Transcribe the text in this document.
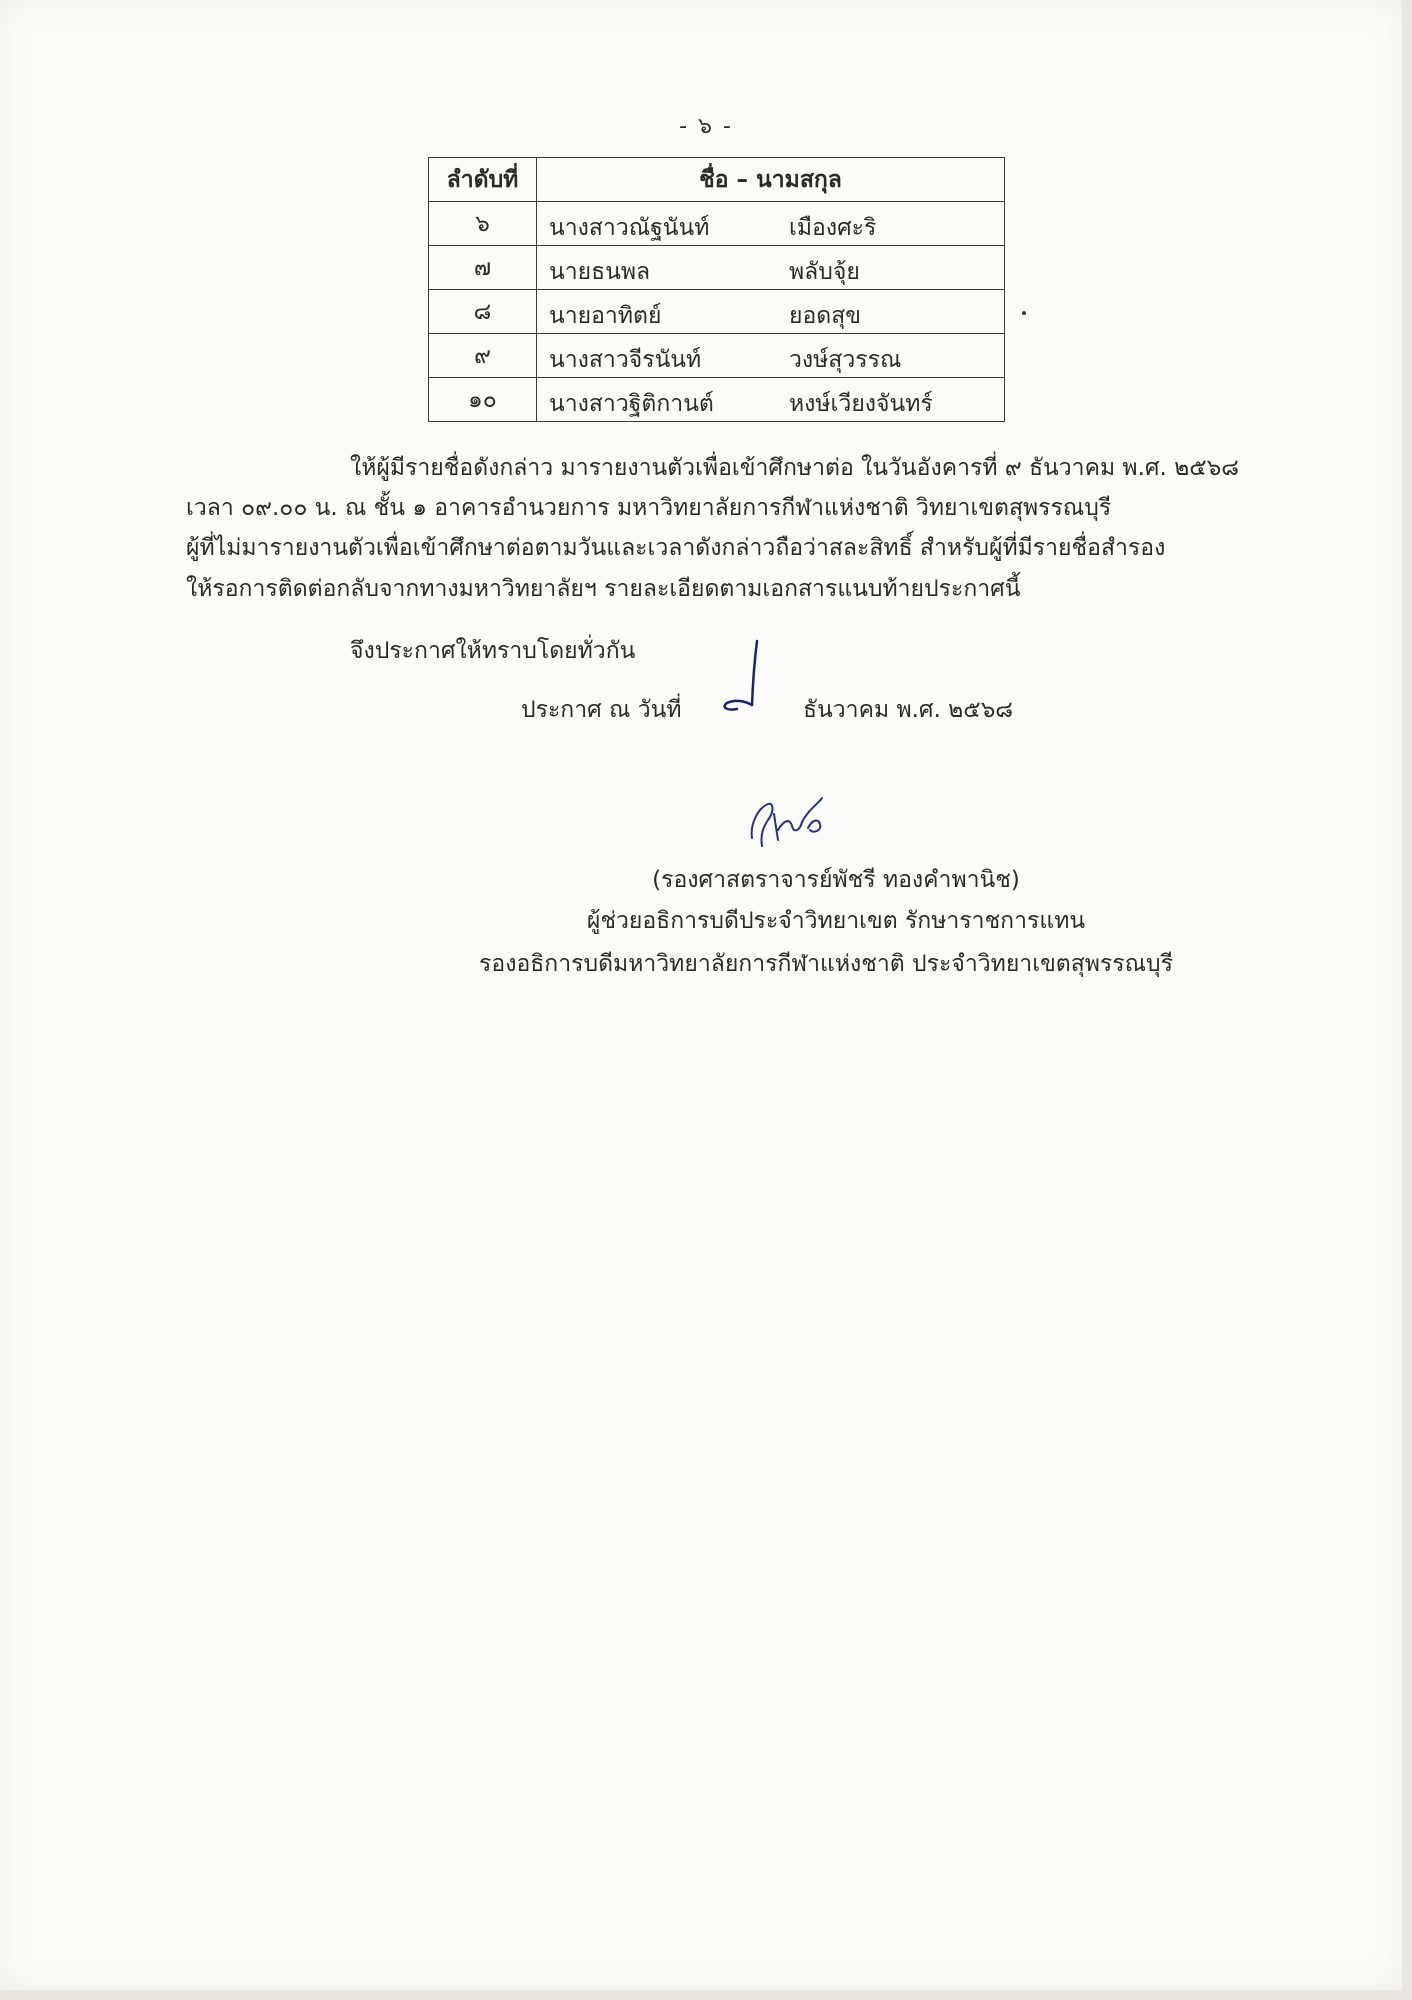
- ๖ -
ลำดับที่	ชื่อ – นามสกุล
๖	นางสาวณัฐนันท์ เมืองศะริ

๗	นายธนพล พลับจุ้ย

๘	นายอาทิตย์ ยอดสุข

๙	นางสาวจีรนันท์ วงษ์สุวรรณ

๑๐	นางสาวฐิติกานต์ หงษ์เวียงจันทร์

ให้ผู้มีรายชื่อดังกล่าว มารายงานตัวเพื่อเข้าศึกษาต่อ ในวันอังคารที่ ๙ ธันวาคม พ.ศ. ๒๕๖๘

เวลา ๐๙.๐๐ น. ณ ชั้น ๑ อาคารอำนวยการ มหาวิทยาลัยการกีฬาแห่งชาติ วิทยาเขตสุพรรณบุรี

ผู้ที่ไม่มารายงานตัวเพื่อเข้าศึกษาต่อตามวันและเวลาดังกล่าวถือว่าสละสิทธิ์ สำหรับผู้ที่มีรายชื่อสำรอง

ให้รอการติดต่อกลับจากทางมหาวิทยาลัยฯ รายละเอียดตามเอกสารแนบท้ายประกาศนี้

จึงประกาศให้ทราบโดยทั่วกัน
ประกาศ ณ วันที่	ธันวาคม พ.ศ. ๒๕๖๘
(รองศาสตราจารย์พัชรี ทองคำพานิช)
ผู้ช่วยอธิการบดีประจำวิทยาเขต รักษาราชการแทน
รองอธิการบดีมหาวิทยาลัยการกีฬาแห่งชาติ ประจำวิทยาเขตสุพรรณบุรี
